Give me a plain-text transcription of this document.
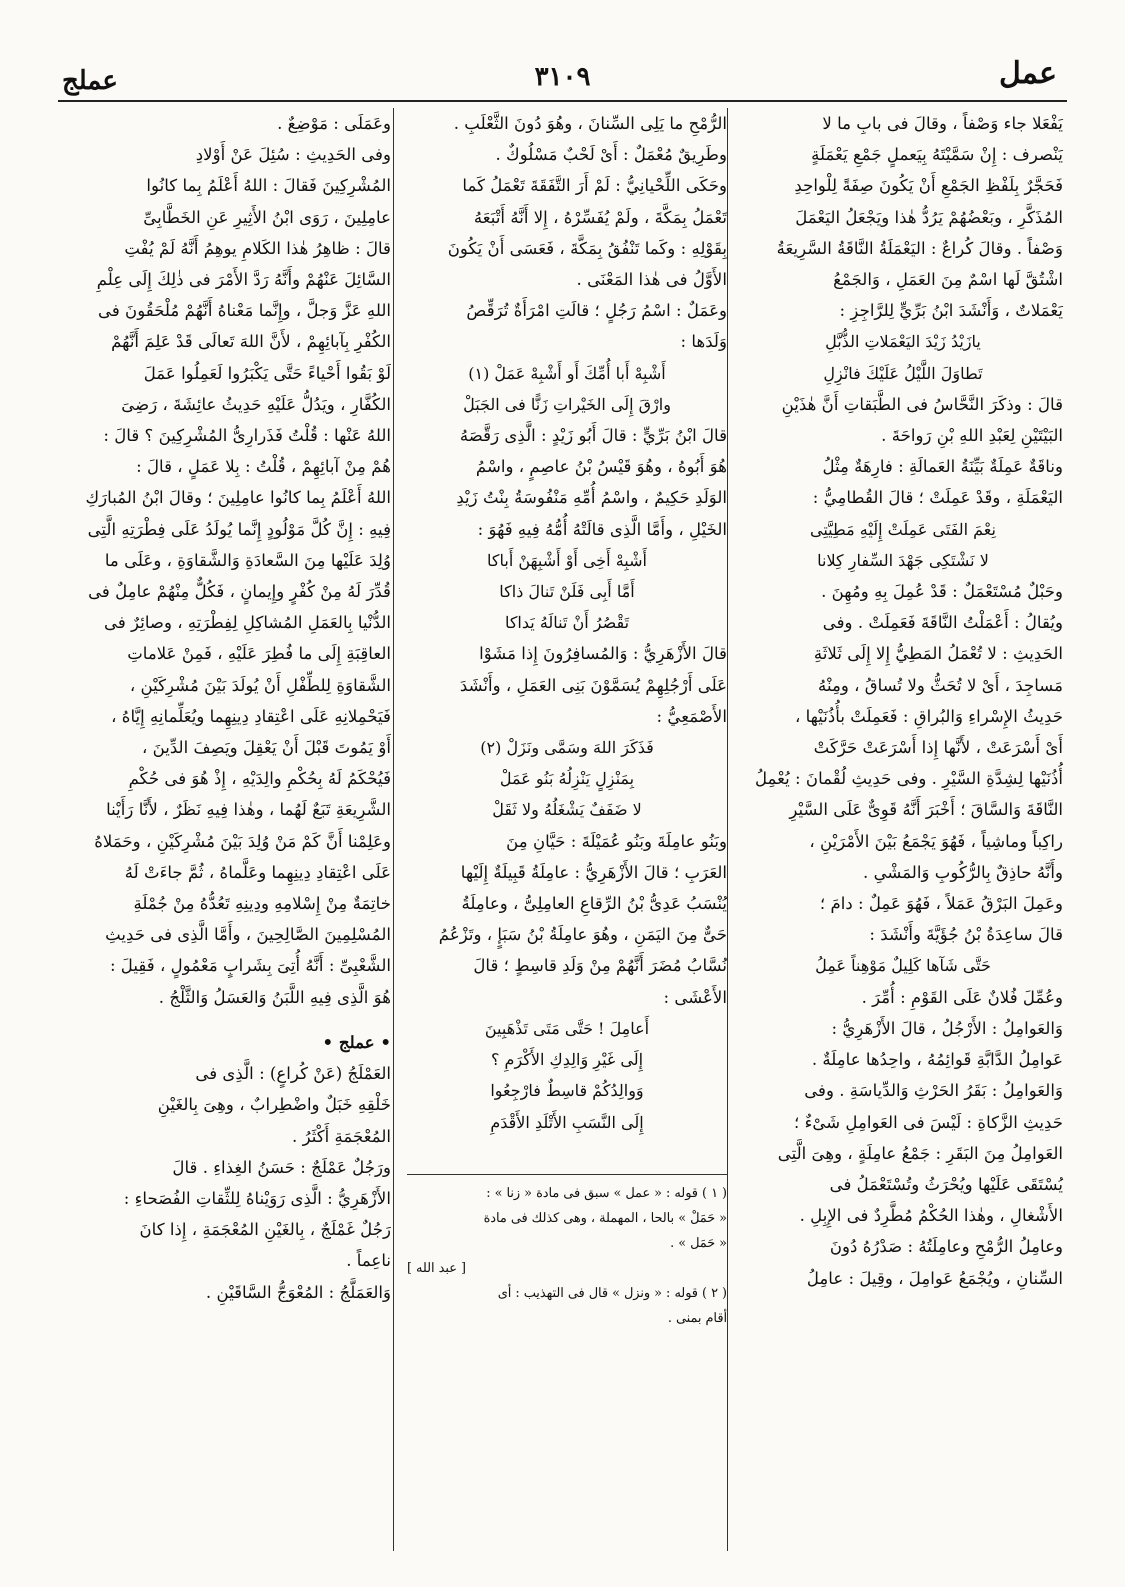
عمل
٣١٠٩
عملج

يَفْعَلا جاء وَصْفاً ، وقالَ فى بابِ ما لا

يَنْصرف : إِنْ سَمَّيْتَهُ بِيَعملٍ جَمْعِ يَعْمَلَةٍ

فَحَجَّرٌ بِلَفْظِ الجَمْعِ أَنْ يَكُونَ صِفَةً لِلْواحِدِ

المُذَكَّرِ ، وبَعْضُهُمْ يَرُدُّ هٰذا ويَجْعَلُ اليَعْمَلَ

وَصْفاً . وقالَ كُراعٌ : اليَعْمَلَةُ النَّاقَةُ السَّرِيعَةُ

اشْتُقَّ لَها اسْمٌ مِنَ العَمَلِ ، وَالجَمْعُ

يَعْمَلاتٌ ، وَأَنْشَدَ ابْنُ بَرِّيٍّ لِلرَّاجِزِ :

يازَيْدُ زَيْدَ اليَعْمَلاتِ الذُّبَّلِ

تَطاوَلَ اللَّيْلُ عَلَيْكَ فانْزِلِ

قالَ : وذكَرَ النَّحَّاسُ فى الطَّبَقاتِ أَنَّ هٰذَيْنِ

البَيْتَيْنِ لِعَبْدِ اللهِ بْنِ رَواحَةَ .

وناقَةٌ عَمِلَةٌ بَيِّنَةُ العَمالَةِ : فارِهَةٌ مِثْلُ

اليَعْمَلَةِ ، وقَدْ عَمِلَتْ ؛ قالَ القُطامِيُّ :

نِعْمَ الفَتَى عَمِلَتْ إِلَيْهِ مَطِيَّتِى

لا نَشْتَكِى جَهْدَ السِّفارِ كِلانا

وحَبْلٌ مُسْتَعْمَلٌ : قَدْ عُمِلَ بِهِ ومُهِنَ .

ويُقالُ : أَعْمَلْتُ النَّاقَةَ فَعَمِلَتْ . وفى

الحَدِيثِ : لا تُعْمَلُ المَطِيُّ إِلا إِلَى ثَلاثَةِ

مَساجِدَ ، أَىْ لا تُحَثُّ ولا تُساقُ ، ومِنْهُ

حَدِيثُ الإِسْراءِ وَالبُراقِ : فَعَمِلَتْ بأُذُنَيْها ،

أَىْ أَسْرَعَتْ ، لأَنَّها إِذا أَسْرَعَتْ حَرَّكَتْ

أُذُنَيْها لِشِدَّةِ السَّيْرِ . وفى حَدِيثِ لُقْمانَ : يُعْمِلُ

النَّاقَةَ وَالسَّاقَ ؛ أَخْبَرَ أَنَّهُ قَوِىٌّ عَلَى السَّيْرِ

راكِباً وماشِياً ، فَهُوَ يَجْمَعُ بَيْنَ الأَمْرَيْنِ ،

وأَنَّهُ حاذِقٌ بِالرُّكُوبِ وَالمَشْىِ .

وعَمِلَ البَرْقُ عَمَلاً ، فَهُوَ عَمِلٌ : دامَ ؛

قالَ ساعِدَةُ بْنُ جُؤَيَّةَ وأَنْشَدَ :

حَتَّى شَآها كَلِيلٌ مَوْهِناً عَمِلُ

وعُمِّلَ فُلانٌ عَلَى القَوْمِ : أُمِّرَ .

وَالعَوامِلُ : الأَرْجُلُ ، قالَ الأَزْهَرِيُّ :

عَوامِلُ الدَّابَّةِ قَوائِمُهُ ، واحِدُها عامِلَةٌ .

وَالعَوامِلُ : بَقَرُ الحَرْثِ وَالدِّياسَةِ . وفى

حَدِيثِ الزَّكاةِ : لَيْسَ فى العَوامِلِ شَىْءٌ ؛

العَوامِلُ مِنَ البَقَرِ : جَمْعُ عامِلَةٍ ، وهِىَ الَّتِى

يُسْتَقَى عَلَيْها ويُحْرَثُ وتُسْتَعْمَلُ فى

الأَشْغالِ ، وهٰذا الحُكْمُ مُطَّرِدٌ فى الإِبِلِ .

وعامِلُ الرُّمْحِ وعامِلَتُهُ : صَدْرُهُ دُونَ

السِّنانِ ، ويُجْمَعُ عَوامِلَ ، وقِيلَ : عامِلُ

الرُّمْحِ ما يَلِى السِّنانَ ، وهُوَ دُونَ الثَّعْلَبِ .

وطَرِيقٌ مُعْمَلٌ : أَىْ لَحْبٌ مَسْلُوكٌ .

وحَكَى اللِّحْيانِيُّ : لَمْ أَرَ التَّفَقَةَ تَعْمَلُ كَما

تَعْمَلُ بِمَكَّةَ ، ولَمْ يُفَسِّرْهُ ، إِلا أَنَّهُ أَتْبَعَهُ

بِقَوْلِهِ : وكَما تَنْفُقُ بِمَكَّةَ ، فَعَسَى أَنْ يَكُونَ

الأَوَّلُ فى هٰذا المَعْنَى .

وعَمَلٌ : اسْمُ رَجُلٍ ؛ قالَتِ امْرَأَةٌ تُرَقِّصُ

وَلَدَها :

أَشْبِهْ أَبا أُمِّكَ أَو أَشْبِهْ عَمَلْ (١)

وارْقَ إِلَى الخَيْراتِ زَنًّا فى الجَبَلْ

قالَ ابْنُ بَرِّيٍّ : قالَ أَبُو زَيْدٍ : الَّذِى رَقَّصَهُ

هُوَ أَبُوهُ ، وهُوَ قَيْسُ بْنُ عاصِمٍ ، واسْمُ

الوَلَدِ حَكِيمٌ ، واسْمُ أُمِّهِ مَنْفُوسَةُ بِنْتُ زَيْدِ

الخَيْلِ ، وأَمَّا الَّذِى قالَتْهُ أُمُّهُ فِيهِ فَهُوَ :

أَشْبِهْ أَخِى أَوْ أَشْبِهَنْ أَباكا

أَمَّا أَبِى فَلَنْ تَنالَ ذاكا

تَقْصُرُ أَنْ تَنالَهُ يَداكا

قالَ الأَزْهَرِيُّ : وَالمُسافِرُونَ إِذا مَشَوْا

عَلَى أَرْجُلِهِمْ يُسَمَّوْنَ بَنِى العَمَلِ ، وأَنْشَدَ

الأَصْمَعِيُّ :

فَذَكَرَ اللهَ وسَمَّى ونَزَلْ (٢)

بِمَنْزِلٍ يَنْزِلُهُ بَنُو عَمَلْ

لا ضَفَفٌ يَشْغَلُهُ ولا ثَقَلْ

وبَنُو عامِلَةَ وبَنُو عُمَيْلَةَ : حَيَّانِ مِنَ

العَرَبِ ؛ قالَ الأَزْهَرِيُّ : عامِلَةُ قَبِيلَةٌ إِلَيْها

يُنْسَبُ عَدِىُّ بْنُ الرِّقاعِ العامِلِىُّ ، وعامِلَةُ

حَىٌّ مِنَ اليَمَنِ ، وهُوَ عامِلَةُ بْنُ سَبَإٍ ، وتَزْعُمُ

نُسَّابُ مُضَرَ أَنَّهُمْ مِنْ وَلَدِ قاسِطٍ ؛ قالَ

الأَعْشَى :

أَعامِلَ ! حَتَّى مَتَى تَذْهَبِينَ

إِلَى غَيْرِ وَالِدِكِ الأَكْرَمِ ؟

وَوالِدُكُمْ قاسِطٌ فارْجِعُوا

إِلَى النَّسَبِ الأَتْلَدِ الأَقْدَمِ

( ١ ) قوله : « عمل » سبق فى مادة « زنا » :

« حَمَلْ » بالحا ، المهملة ، وهى كذلك فى مادة

« حَمَل » .

[ عبد الله ]

( ٢ ) قوله : « ونزل » قال فى التهذيب : أى

أقام بمنى .

وعَمَلَى : مَوْضِعٌ .

وفى الحَدِيثِ : سُئِلَ عَنْ أَوْلادِ

المُشْرِكِينَ فَقالَ : اللهُ أَعْلَمُ بِما كانُوا

عامِلِينَ ، رَوَى ابْنُ الأَثِيرِ عَنِ الخَطَّابِىِّ

قالَ : ظاهِرُ هٰذا الكَلامِ يوهِمُ أَنَّهُ لَمْ يُفْتِ

السَّائِلَ عَنْهُمْ وأَنَّهُ رَدَّ الأَمْرَ فى ذٰلِكَ إِلَى عِلْمِ

اللهِ عَزَّ وَجلَّ ، وإِنَّما مَعْناهُ أَنَّهُمْ مُلْحَقُونَ فى

الكُفْرِ بِآبائِهِمْ ، لأَنَّ اللهَ تَعالَى قَدْ عَلِمَ أَنَّهُمْ

لَوْ بَقُوا أَحْياءً حَتَّى يَكْبَرُوا لَعَمِلُوا عَمَلَ

الكُفَّارِ ، ويَدُلُّ عَلَيْهِ حَدِيثُ عائِشَةَ ، رَضِىَ

اللهُ عَنْها : قُلْتُ فَذَرارِىُّ المُشْرِكِينَ ؟ قالَ :

هُمْ مِنْ آبائِهِمْ ، قُلْتُ : بِلا عَمَلٍ ، قالَ :

اللهُ أَعْلَمُ بِما كانُوا عامِلِينَ ؛ وقالَ ابْنُ المُبارَكِ

فِيهِ : إِنَّ كُلَّ مَوْلُودٍ إِنَّما يُولَدُ عَلَى فِطْرَتِهِ الَّتِى

وُلِدَ عَلَيْها مِنَ السَّعادَةِ وَالشَّقاوَةِ ، وعَلَى ما

قُدِّرَ لَهُ مِنْ كُفْرٍ وإِيمانٍ ، فَكُلٌّ مِنْهُمْ عامِلٌ فى

الدُّنْيا بِالعَمَلِ المُشاكِلِ لِفِطْرَتِهِ ، وصائِرٌ فى

العاقِبَةِ إِلَى ما فُطِرَ عَلَيْهِ ، فَمِنْ عَلاماتِ

الشَّقاوَةِ لِلطِّفْلِ أَنْ يُولَدَ بَيْنَ مُشْرِكَيْنِ ،

فَيَحْمِلانِهِ عَلَى اعْتِقادِ دِينِهِما ويُعَلِّمانِهِ إِيَّاهُ ،

أَوْ يَمُوتَ قَبْلَ أَنْ يَعْقِلَ ويَصِفَ الدِّينَ ،

فَيُحْكَمُ لَهُ بِحُكْمِ والِدَيْهِ ، إِذْ هُوَ فى حُكْمِ

الشَّرِيعَةِ تَبَعٌ لَهُما ، وهٰذا فِيهِ نَظَرٌ ، لأَنَّا رَأَيْنا

وعَلِمْنا أَنَّ كَمْ مَنْ وُلِدَ بَيْنَ مُشْرِكَيْنِ ، وحَمَلاهُ

عَلَى اعْتِقادِ دِينِهِما وعَلَّماهُ ، ثُمَّ جاءَتْ لَهُ

خاتِمَةٌ مِنْ إِسْلامِهِ ودِينِهِ تَعُدُّهُ مِنْ جُمْلَةِ

المُسْلِمِينَ الصَّالِحِينَ ، وأَمَّا الَّذِى فى حَدِيثِ

الشَّعْبِىِّ : أَنَّهُ أُتِىَ بِشَرابٍ مَعْمُولٍ ، فَقِيلَ :

هُوَ الَّذِى فِيهِ اللَّبَنُ وَالعَسَلُ وَالثَّلْجُ .

• عملج •

العَمْلَجُ (عَنْ كُراعٍ) : الَّذِى فى

خَلْقِهِ خَبَلٌ واضْطِرابٌ ، وهِىَ بِالغَيْنِ

المُعْجَمَةِ أَكْثَرُ .

ورَجُلٌ عَمْلَجٌ : حَسَنُ الغِذاءِ . قالَ

الأَزْهَرِيُّ : الَّذِى رَوَيْناهُ لِلثِّقاتِ الفُصَحاءِ :

رَجُلٌ غَمْلَجٌ ، بِالغَيْنِ المُعْجَمَةِ ، إِذا كانَ

ناعِماً .

وَالعَمَلَّجُ : المُعْوَجُّ السَّاقَيْنِ .
